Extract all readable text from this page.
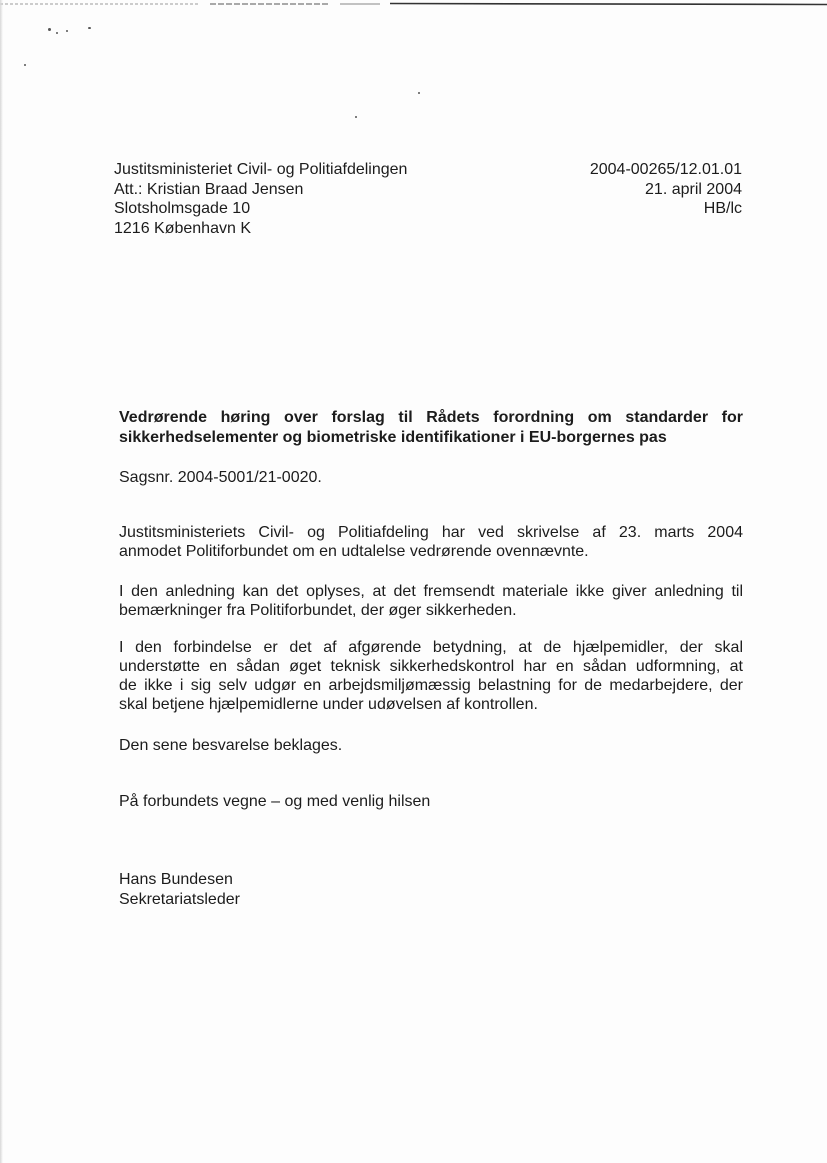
Justitsministeriet Civil- og Politiafdelingen
Att.: Kristian Braad Jensen
Slotsholmsgade 10
1216 København K
2004-00265/12.01.01
21. april 2004
HB/lc
Vedrørende høring over forslag til Rådets forordning om standarder for
sikkerhedselementer og biometriske identifikationer i EU-borgernes pas
Sagsnr. 2004-5001/21-0020.
Justitsministeriets Civil- og Politiafdeling har ved skrivelse af 23. marts 2004
anmodet Politiforbundet om en udtalelse vedrørende ovennævnte.
I den anledning kan det oplyses, at det fremsendt materiale ikke giver anledning til
bemærkninger fra Politiforbundet, der øger sikkerheden.
I den forbindelse er det af afgørende betydning, at de hjælpemidler, der skal
understøtte en sådan øget teknisk sikkerhedskontrol har en sådan udformning, at
de ikke i sig selv udgør en arbejdsmiljømæssig belastning for de medarbejdere, der
skal betjene hjælpemidlerne under udøvelsen af kontrollen.
Den sene besvarelse beklages.
På forbundets vegne – og med venlig hilsen
Hans Bundesen
Sekretariatsleder
